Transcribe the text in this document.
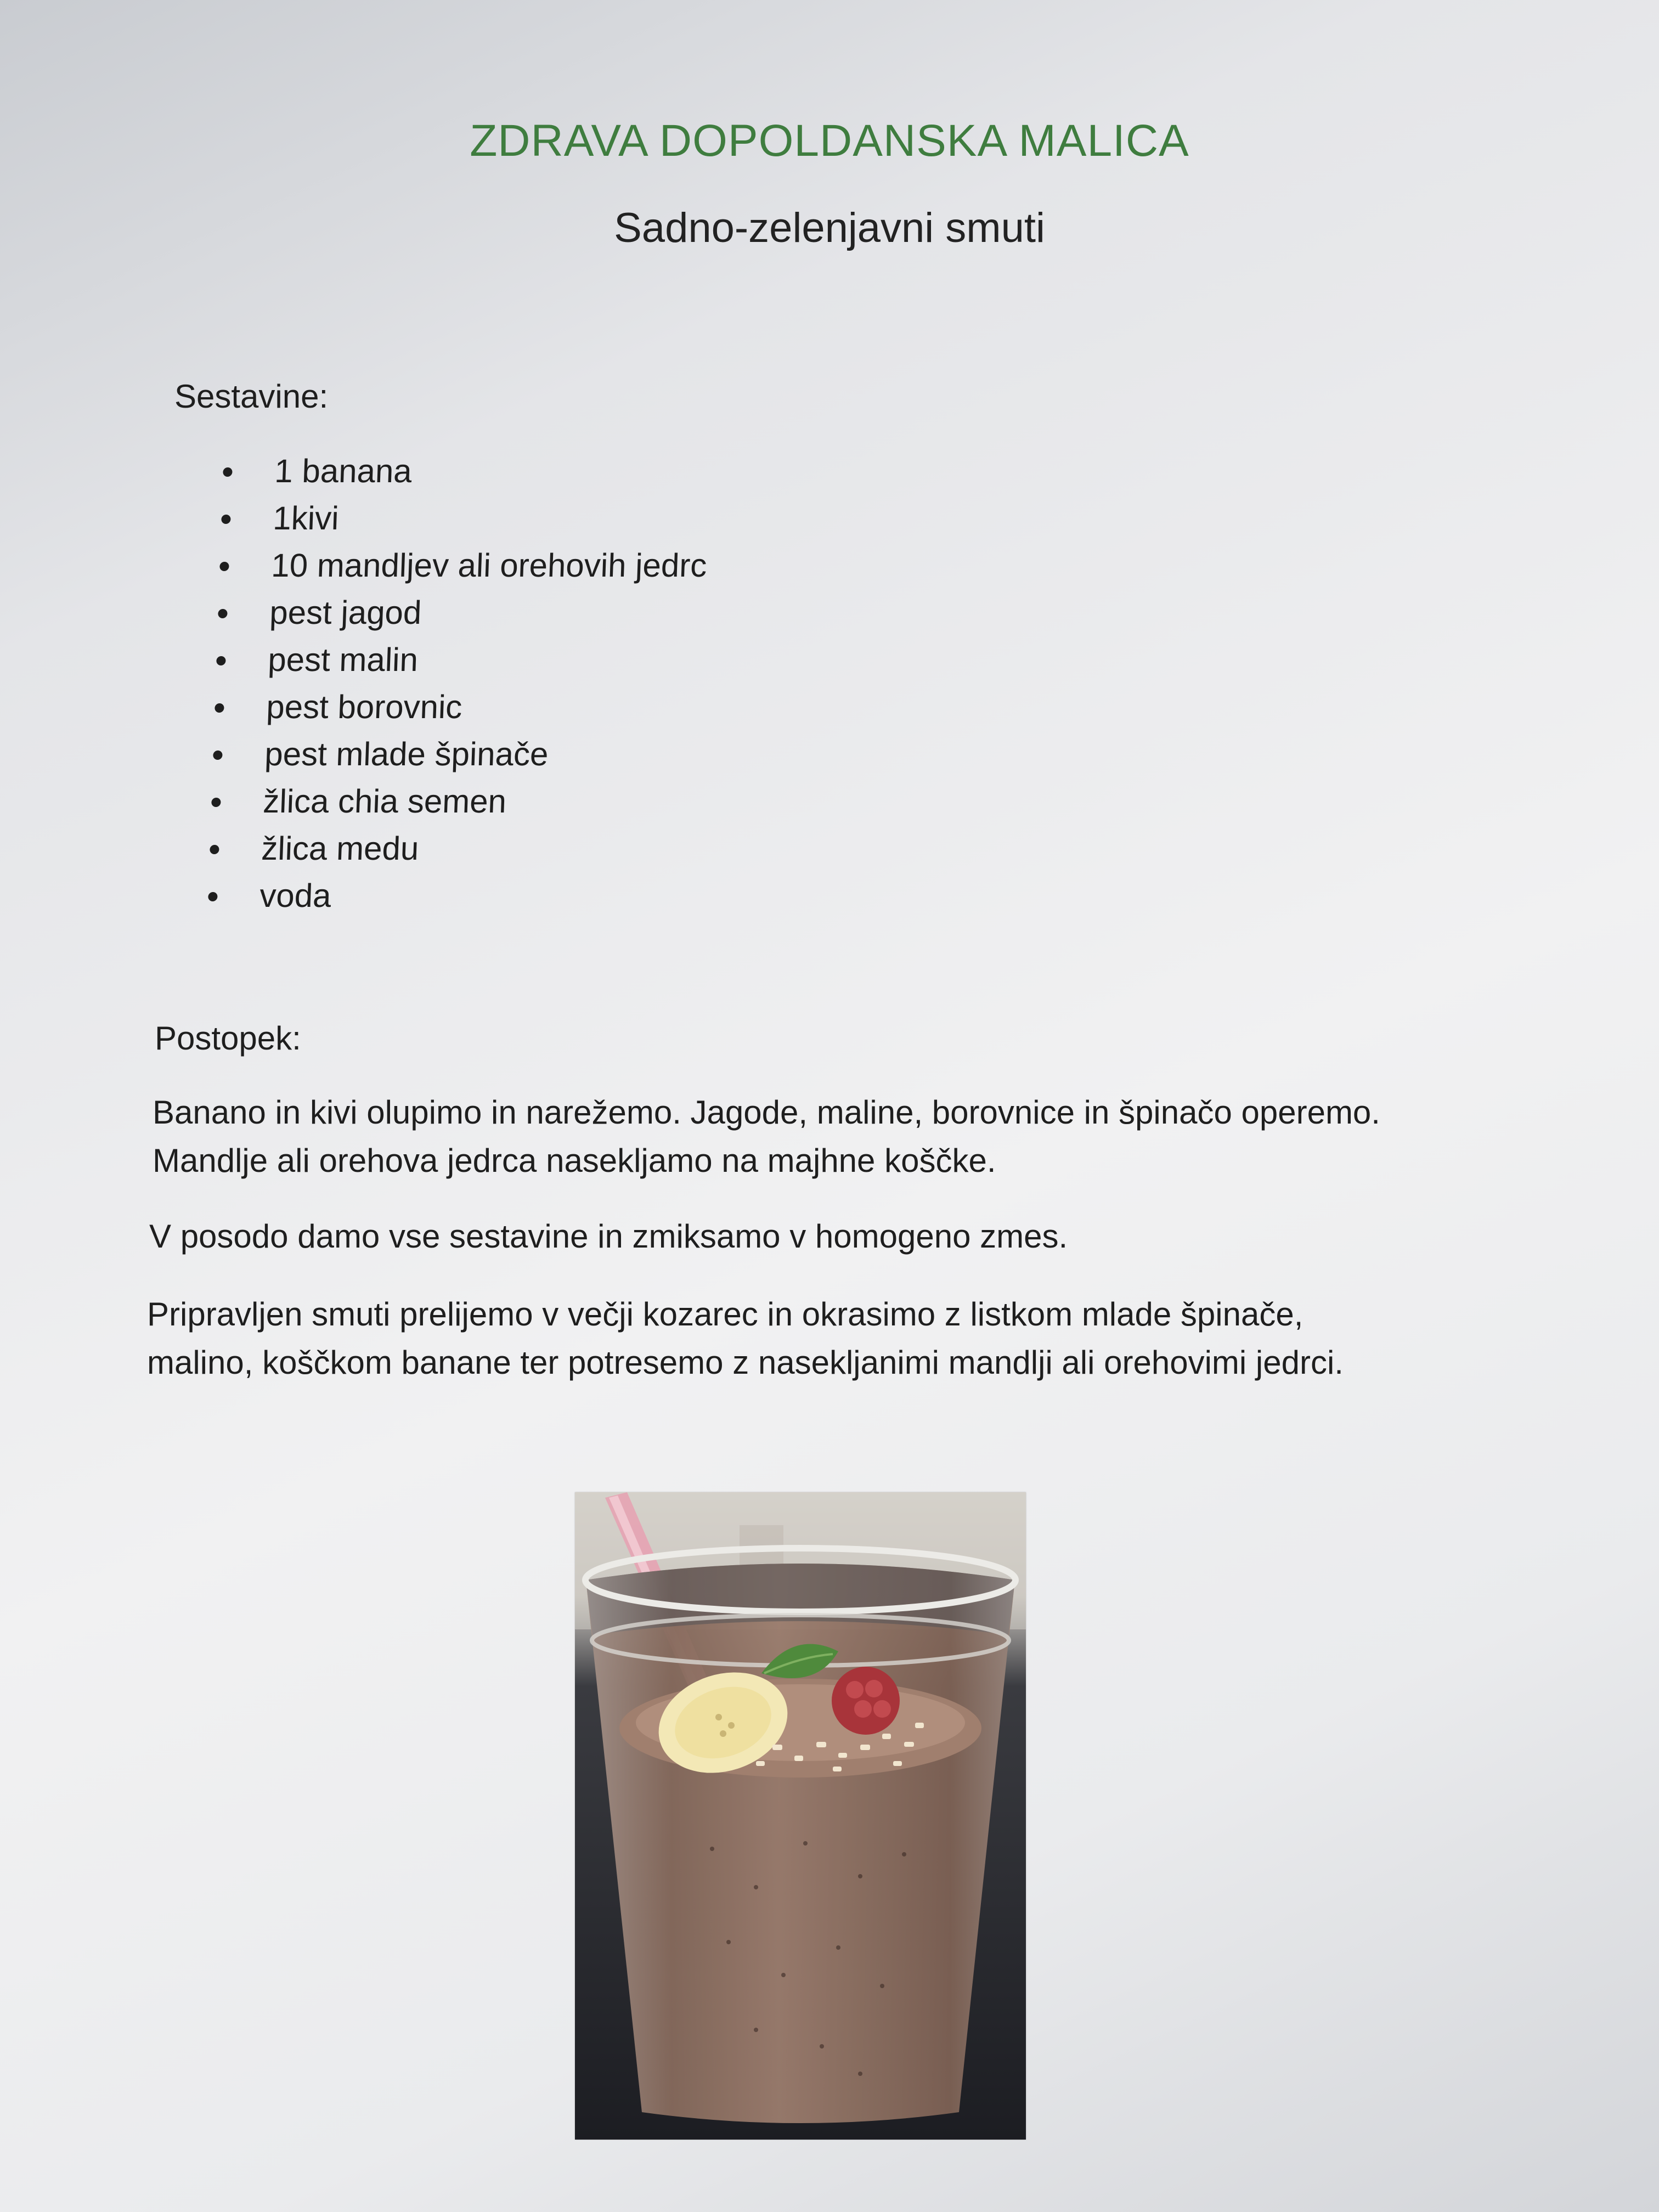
ZDRAVA DOPOLDANSKA MALICA
Sadno-zelenjavni smuti
Sestavine:
1 banana
1kivi
10 mandljev ali orehovih jedrc
pest jagod
pest malin
pest borovnic
pest mlade špinače
žlica chia semen
žlica medu
voda
Postopek:

Banano in kivi olupimo in narežemo. Jagode, maline, borovnice in špinačo operemo.
Mandlje ali orehova jedrca nasekljamo na majhne koščke.

V posodo damo vse sestavine in zmiksamo v homogeno zmes.

Pripravljen smuti prelijemo v večji kozarec in okrasimo z listkom mlade špinače,
malino, koščkom banane ter potresemo z nasekljanimi mandlji ali orehovimi jedrci.
